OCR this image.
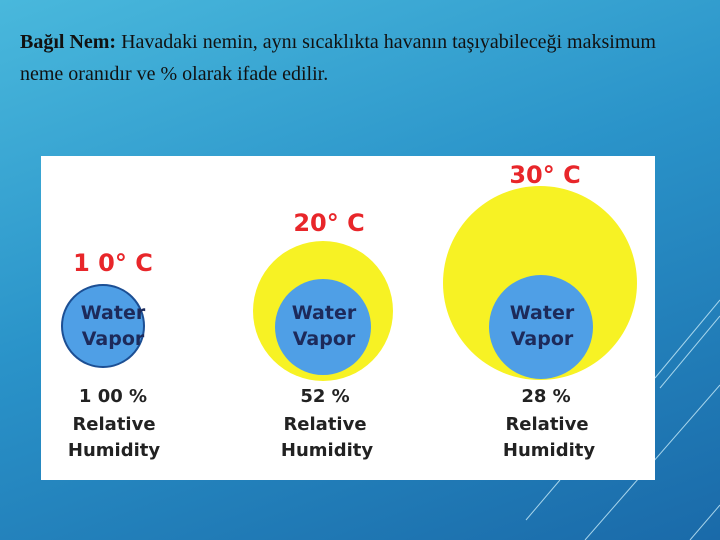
Bağıl Nem: Havadaki nemin, aynı sıcaklıkta havanın taşıyabileceği maksimum neme oranıdır ve % olarak ifade edilir.
1 0° C
Water
Vapor
1 00 %
Relative
Humidity
20° C
Water
Vapor
52 %
Relative
Humidity
30° C
Water
Vapor
28 %
Relative
Humidity
